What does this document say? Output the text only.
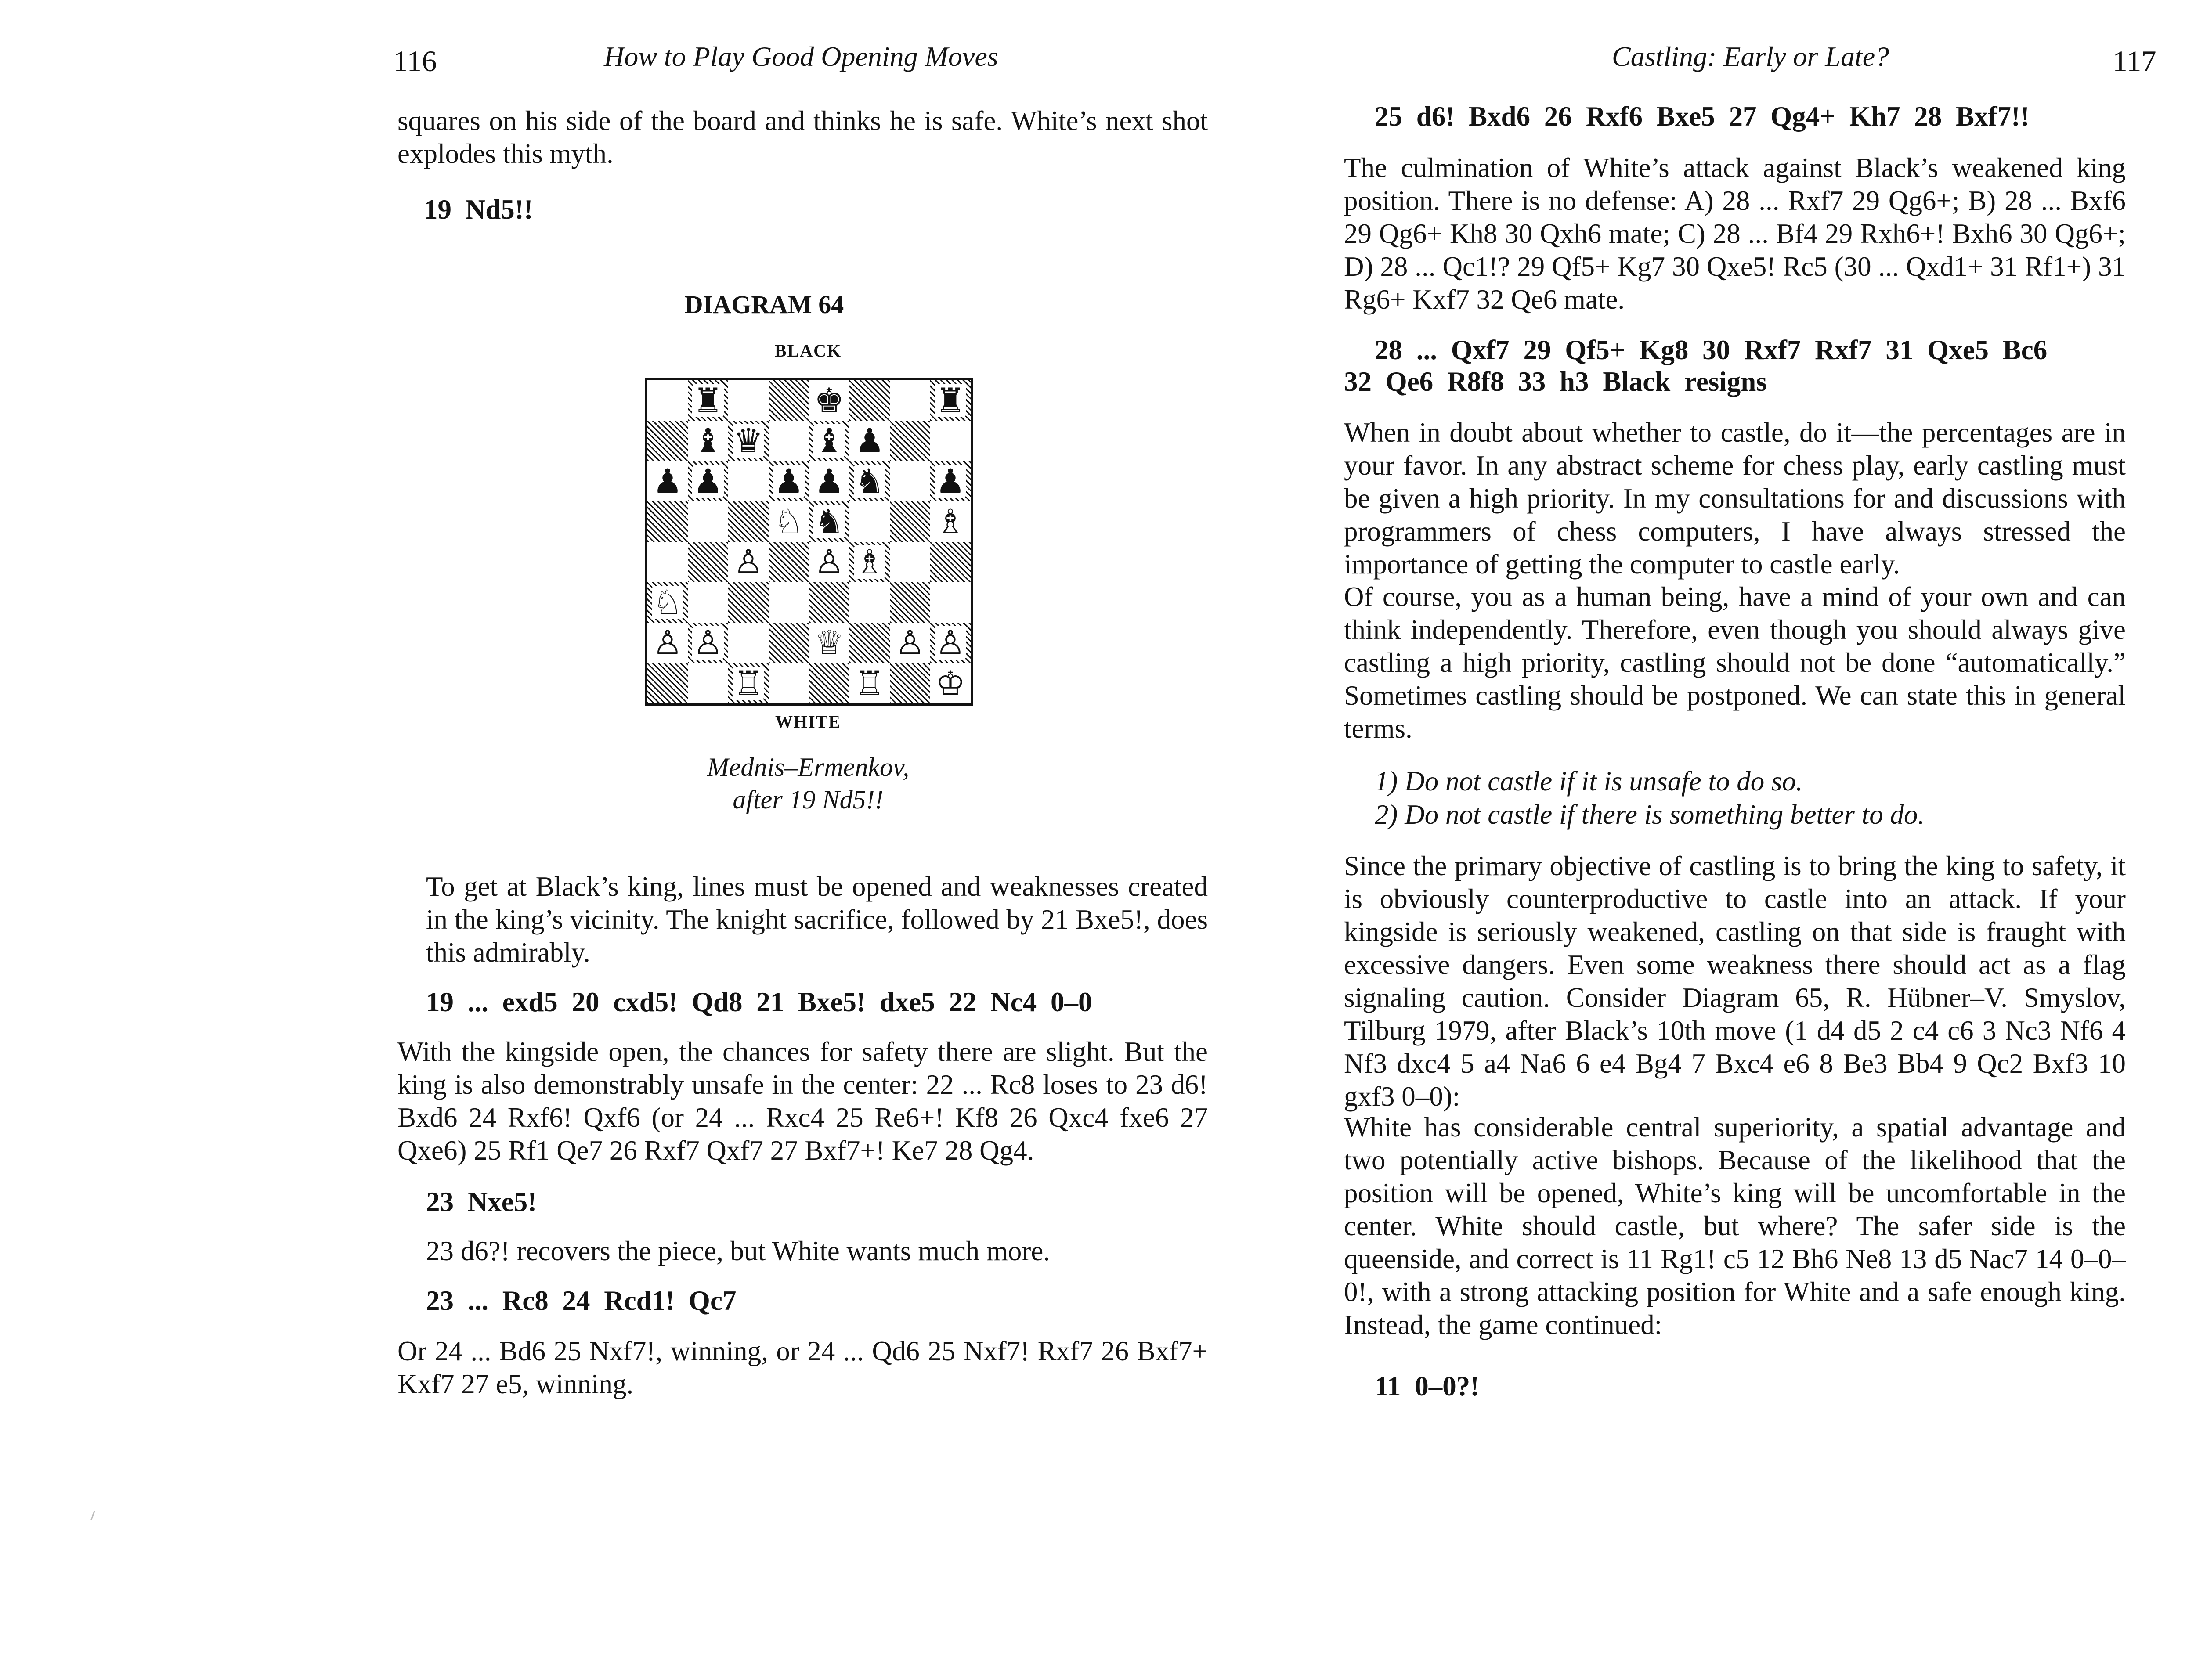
116	How to Play Good Opening Moves

squares on his side of the board and thinks he is safe. White’s next shot explodes this myth.

19 Nd5!!

DIAGRAM 64
BLACK
♜	♚	♜
♝ ♛ ♝ ♟
♟ ♟ ♟ ♟ ♞ ♟
♘ ♞	♗
♙ ♙ ♗
♘
♙ ♙	♕ ♙ ♙
♖	♖ ♔
WHITE
Mednis–Ermenkov,
after 19 Nd5!!

To get at Black’s king, lines must be opened and weaknesses created in the king’s vicinity. The knight sacrifice, followed by 21 Bxe5!, does this admirably.

19 ... exd5 20 cxd5! Qd8 21 Bxe5! dxe5 22 Nc4 0–0

With the kingside open, the chances for safety there are slight. But the king is also demonstrably unsafe in the center: 22 ... Rc8 loses to 23 d6! Bxd6 24 Rxf6! Qxf6 (or 24 ... Rxc4 25 Re6+! Kf8 26 Qxc4 fxe6 27 Qxe6) 25 Rf1 Qe7 26 Rxf7 Qxf7 27 Bxf7+! Ke7 28 Qg4.

23 Nxe5!

23 d6?! recovers the piece, but White wants much more.

23 ... Rc8 24 Rcd1! Qc7

Or 24 ... Bd6 25 Nxf7!, winning, or 24 ... Qd6 25 Nxf7! Rxf7 26 Bxf7+ Kxf7 27 e5, winning.

Castling: Early or Late?	117

25 d6! Bxd6 26 Rxf6 Bxe5 27 Qg4+ Kh7 28 Bxf7!!

The culmination of White’s attack against Black’s weakened king position. There is no defense: A) 28 ... Rxf7 29 Qg6+; B) 28 ... Bxf6 29 Qg6+ Kh8 30 Qxh6 mate; C) 28 ... Bf4 29 Rxh6+! Bxh6 30 Qg6+; D) 28 ... Qc1!? 29 Qf5+ Kg7 30 Qxe5! Rc5 (30 ... Qxd1+ 31 Rf1+) 31 Rg6+ Kxf7 32 Qe6 mate.

28 ... Qxf7 29 Qf5+ Kg8 30 Rxf7 Rxf7 31 Qxe5 Bc6

32 Qe6 R8f8 33 h3 Black resigns

When in doubt about whether to castle, do it—the percentages are in your favor. In any abstract scheme for chess play, early castling must be given a high priority. In my consultations for and discussions with programmers of chess computers, I have always stressed the importance of getting the computer to castle early.

Of course, you as a human being, have a mind of your own and can think independently. Therefore, even though you should always give castling a high priority, castling should not be done “automatically.” Sometimes castling should be postponed. We can state this in general terms.

1) Do not castle if it is unsafe to do so.
2) Do not castle if there is something better to do.

Since the primary objective of castling is to bring the king to safety, it is obviously counterproductive to castle into an attack. If your kingside is seriously weakened, castling on that side is fraught with excessive dangers. Even some weakness there should act as a flag signaling caution. Consider Diagram 65, R. Hübner–V. Smyslov, Tilburg 1979, after Black’s 10th move (1 d4 d5 2 c4 c6 3 Nc3 Nf6 4 Nf3 dxc4 5 a4 Na6 6 e4 Bg4 7 Bxc4 e6 8 Be3 Bb4 9 Qc2 Bxf3 10 gxf3 0–0):

White has considerable central superiority, a spatial advantage and two potentially active bishops. Because of the likelihood that the position will be opened, White’s king will be uncomfortable in the center. White should castle, but where? The safer side is the queenside, and correct is 11 Rg1! c5 12 Bh6 Ne8 13 d5 Nac7 14 0–0–0!, with a strong attacking position for White and a safe enough king. Instead, the game continued:

11 0–0?!
